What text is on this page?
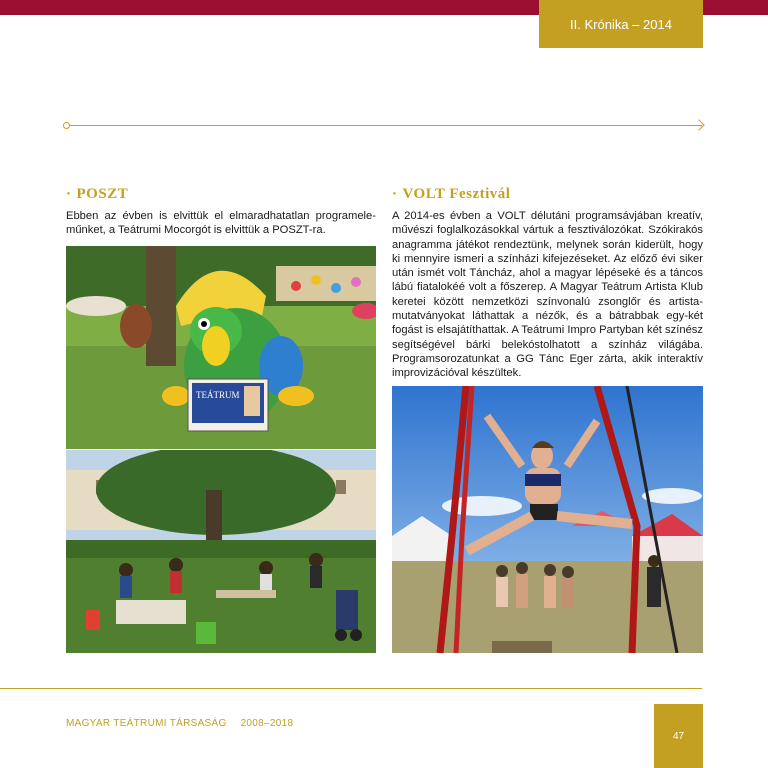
II. Krónika – 2014
· POSZT

Ebben az évben is elvittük el elmaradhatatlan programele-műnket, a Teátrumi Mocorgót is elvittük a POSZT-ra.

TEÁTRUM
· VOLT Fesztivál

A 2014-es évben a VOLT délutáni programsávjában kreatív, művészi foglalkozásokkal vártuk a fesztiválozókat. Szókirakós anagramma játékot rendeztünk, melynek során kiderült, hogy ki mennyire ismeri a színházi kifejezéseket. Az előző évi siker után ismét volt Táncház, ahol a magyar lépéseké és a táncos lábú fiatalokéé volt a főszerep. A Magyar Teátrum Artista Klub keretei között nemzetközi színvonalú zsonglőr és artista-mutatványokat láthattak a nézők, és a bátrabbak egy-két fogást is elsajátíthattak. A Teátrumi Impro Partyban két színész segítségével bárki belekóstolhatott a színház világába. Programsorozatunkat a GG Tánc Eger zárta, akik interaktív improvizációval készültek.

MAGYAR TEÁTRUMI TÁRSASÁG 2008–2018
47
